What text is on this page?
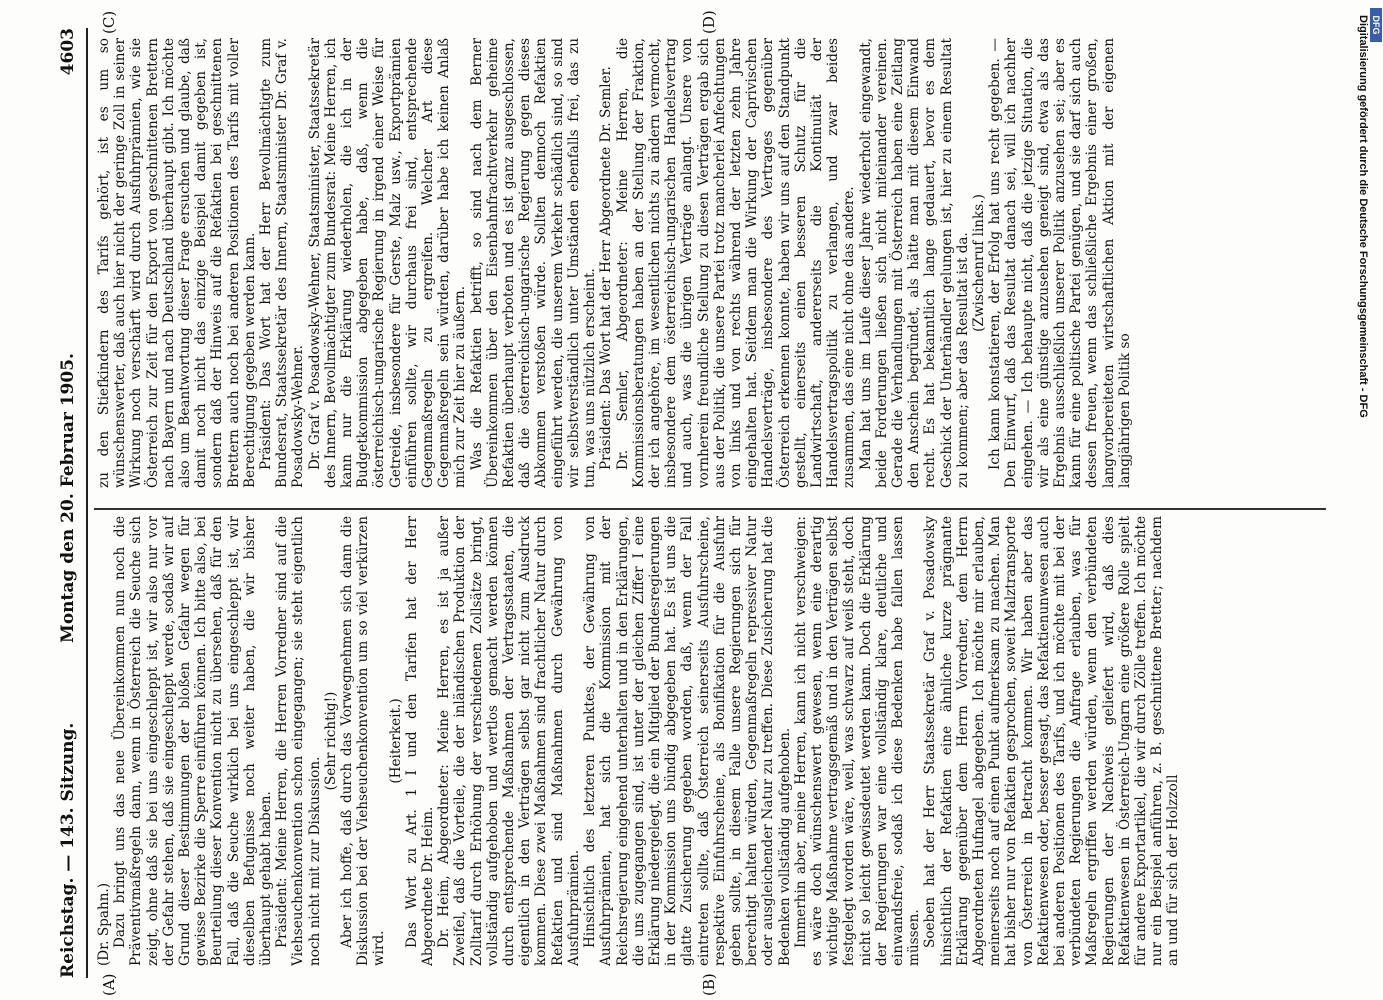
Reichstag. — 143. Sitzung.
Montag den 20. Februar 1905.
4603
(A)	(B)
(C)	(D)

(Dr. Spahn.) Dazu bringt uns das neue Übereinkommen nun noch die Präventivmaßregeln dann, wenn in Österreich die Seuche sich zeigt, ohne daß sie bei uns eingeschleppt ist, wir also nur vor der Gefahr stehen, daß sie eingeschleppt werde, sodaß wir auf Grund dieser Bestimmungen der bloßen Gefahr wegen für gewisse Bezirke die Sperre einführen können. Ich bitte also, bei Beurteilung dieser Konvention nicht zu übersehen, daß für den Fall, daß die Seuche wirklich bei uns eingeschleppt ist, wir dieselben Befugnisse noch weiter haben, die wir bisher überhaupt gehabt haben. Präsident: Meine Herren, die Herren Vorredner sind auf die Viehseuchenkonvention schon eingegangen; sie steht eigentlich noch nicht mit zur Diskussion.

(Sehr richtig!) Aber ich hoffe, daß durch das Vorwegnehmen sich dann die Diskussion bei der Viehseuchenkonvention um so viel verkürzen wird.

(Heiterkeit.) Das Wort zu Art. 1 I und den Tarifen hat der Herr Abgeordnete Dr. Heim. Dr. Heim, Abgeordneter: Meine Herren, es ist ja außer Zweifel, daß die Vorteile, die der inländischen Produktion der Zolltarif durch Erhöhung der verschiedenen Zollsätze bringt, vollständig aufgehoben und wertlos gemacht werden können durch entsprechende Maßnahmen der Vertragsstaaten, die eigentlich in den Verträgen selbst gar nicht zum Ausdruck kommen. Diese zwei Maßnahmen sind frachtlicher Natur durch Refaktien und sind Maßnahmen durch Gewährung von Ausfuhrprämien. Hinsichtlich des letzteren Punktes, der Gewährung von Ausfuhrprämien, hat sich die Kommission mit der Reichsregierung eingehend unterhalten und in den Erklärungen, die uns zugegangen sind, ist unter der gleichen Ziffer I eine Erklärung niedergelegt, die ein Mitglied der Bundesregierungen in der Kommission uns bündig abgegeben hat. Es ist uns die glatte Zusicherung gegeben worden, daß, wenn der Fall eintreten sollte, daß Österreich seinerseits Ausfuhrscheine, respektive Einfuhrscheine, als Bonifikation für die Ausfuhr geben sollte, in diesem Falle unsere Regierungen sich für berechtigt halten würden, Gegenmaßregeln repressiver Natur oder ausgleichender Natur zu treffen. Diese Zusicherung hat die Bedenken vollständig aufgehoben. Immerhin aber, meine Herren, kann ich nicht verschweigen: es wäre doch wünschenswert gewesen, wenn eine derartig wichtige Maßnahme vertragsgemäß und in den Verträgen selbst festgelegt worden wäre, weil, was schwarz auf weiß steht, doch nicht so leicht gewissdeutet werden kann. Doch die Erklärung der Regierungen war eine vollständig klare, deutliche und einwandsfreie, sodaß ich diese Bedenken habe fallen lassen müssen. Soeben hat der Herr Staatssekretär Graf v. Posadowsky hinsichtlich der Refaktien eine ähnliche kurze prägnante Erklärung gegenüber dem Herrn Vorredner, dem Herrn Abgeordneten Hufnagel abgegeben. Ich möchte mir erlauben, meinerseits noch auf einen Punkt aufmerksam zu machen. Man hat bisher nur von Refaktien gesprochen, soweit Malztransporte von Österreich in Betracht kommen. Wir haben aber das Refaktienwesen oder, besser gesagt, das Refaktienunwesen auch bei anderen Positionen des Tarifs, und ich möchte mit bei der verbündeten Regierungen die Anfrage erlauben, was für Maßregeln ergriffen werden würden, wenn den verbündeten Regierungen der Nachweis geliefert wird, daß dies Refaktienwesen in Österreich-Ungarn eine größere Rolle spielt für andere Exportartikel, die wir durch Zölle treffen. Ich möchte nur ein Beispiel anführen, z. B. geschnittene Bretter; nachdem an und für sich der Holzzoll

zu den Stiefkindern des Tarifs gehört, ist es um so wünschenswerter, daß auch hier nicht der geringe Zoll in seiner Wirkung noch verschärft wird durch Ausfuhrprämien, wie sie Österreich zur Zeit für den Export von geschnittenen Brettern nach Bayern und nach Deutschland überhaupt gibt. Ich möchte also um Beantwortung dieser Frage ersuchen und glaube, daß damit noch nicht das einzige Beispiel damit gegeben ist, sondern daß der Hinweis auf die Refaktien bei geschnittenen Brettern auch noch bei anderen Positionen des Tarifs mit voller Berechtigung gegeben werden kann. Präsident: Das Wort hat der Herr Bevollmächtigte zum Bundesrat, Staatssekretär des Innern, Staatsminister Dr. Graf v. Posadowsky-Wehner. Dr. Graf v. Posadowsky-Wehner, Staatsminister, Staatssekretär des Innern, Bevollmächtigter zum Bundesrat: Meine Herren, ich kann nur die Erklärung wiederholen, die ich in der Budgetkommission abgegeben habe, daß, wenn die österreichisch-ungarische Regierung in irgend einer Weise für Getreide, insbesondere für Gerste, Malz usw., Exportprämien einführen sollte, wir durchaus frei sind, entsprechende Gegenmaßregeln zu ergreifen. Welcher Art diese Gegenmaßregeln sein würden, darüber habe ich keinen Anlaß mich zur Zeit hier zu äußern. Was die Refaktien betrifft, so sind nach dem Berner Übereinkommen über den Eisenbahnfrachtverkehr geheime Refaktien überhaupt verboten und es ist ganz ausgeschlossen, daß die österreichisch-ungarische Regierung gegen dieses Abkommen verstoßen würde. Sollten dennoch Refaktien eingeführt werden, die unserem Verkehr schädlich sind, so sind wir selbstverständlich unter Umständen ebenfalls frei, das zu tun, was uns nützlich erscheint. Präsident: Das Wort hat der Herr Abgeordnete Dr. Semler. Dr. Semler, Abgeordneter: Meine Herren, die Kommissionsberatungen haben an der Stellung der Fraktion, der ich angehöre, im wesentlichen nichts zu ändern vermocht, insbesondere dem österreichisch-ungarischen Handelsvertrag und auch, was die übrigen Verträge anlangt. Unsere von vornherein freundliche Stellung zu diesen Verträgen ergab sich aus der Politik, die unsere Partei trotz mancherlei Anfechtungen von links und von rechts während der letzten zehn Jahre eingehalten hat. Seitdem man die Wirkung der Caprivischen Handelsverträge, insbesondere des Vertrages gegenüber Österreich erkennen konnte, haben wir uns auf den Standpunkt gestellt, einerseits einen besseren Schutz für die Landwirtschaft, andererseits die Kontinuität der Handelsvertragspolitik zu verlangen, und zwar beides zusammen, das eine nicht ohne das andere. Man hat uns im Laufe dieser Jahre wiederholt eingewandt, beide Forderungen ließen sich nicht miteinander vereinen. Gerade die Verhandlungen mit Österreich haben eine Zeitlang den Anschein begründet, als hätte man mit diesem Einwand recht. Es hat bekanntlich lange gedauert, bevor es dem Geschick der Unterhändler gelungen ist, hier zu einem Resultat zu kommen; aber das Resultat ist da. (Zwischenruf links.) Ich kann konstatieren, der Erfolg hat uns recht gegeben. — Den Einwurf, daß das Resultat danach sei, will ich nachher eingehen. — Ich behaupte nicht, daß die jetzige Situation, die wir als eine günstige anzusehen geneigt sind, etwa als das Ergebnis ausschließlich unserer Politik anzusehen sei; aber es kann für eine politische Partei genügen, und sie darf sich auch dessen freuen, wenn das schließliche Ergebnis einer großen, langvorbereiteten wirtschaftlichen Aktion mit der eigenen langjährigen Politik so	Digitalisierung gefördert durch die Deutsche Forschungsgemeinschaft - DFG DFG
